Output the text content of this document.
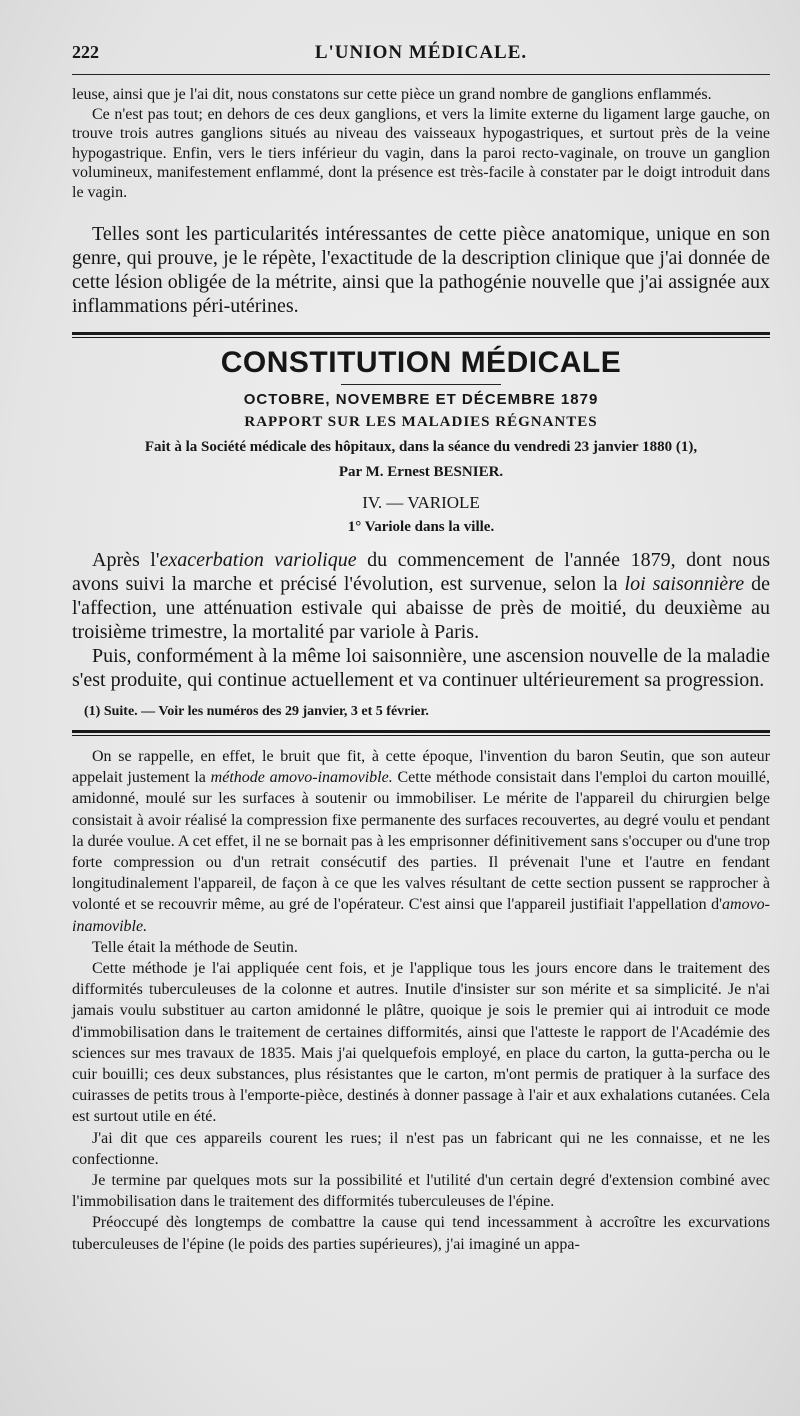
222	L'UNION MÉDICALE.

leuse, ainsi que je l'ai dit, nous constatons sur cette pièce un grand nombre de ganglions enflammés.

Ce n'est pas tout; en dehors de ces deux ganglions, et vers la limite externe du ligament large gauche, on trouve trois autres ganglions situés au niveau des vaisseaux hypogastriques, et surtout près de la veine hypogastrique. Enfin, vers le tiers inférieur du vagin, dans la paroi recto-vaginale, on trouve un ganglion volumineux, manifestement enflammé, dont la présence est très-facile à constater par le doigt introduit dans le vagin.

Telles sont les particularités intéressantes de cette pièce anatomique, unique en son genre, qui prouve, je le répète, l'exactitude de la description clinique que j'ai donnée de cette lésion obligée de la métrite, ainsi que la pathogénie nouvelle que j'ai assignée aux inflammations péri-utérines.

CONSTITUTION MÉDICALE
OCTOBRE, NOVEMBRE ET DÉCEMBRE 1879
RAPPORT SUR LES MALADIES RÉGNANTES
Fait à la Société médicale des hôpitaux, dans la séance du vendredi 23 janvier 1880 (1),
Par M. Ernest BESNIER.
IV. — VARIOLE
1° Variole dans la ville.

Après l'exacerbation variolique du commencement de l'année 1879, dont nous avons suivi la marche et précisé l'évolution, est survenue, selon la loi saisonnière de l'affection, une atténuation estivale qui abaisse de près de moitié, du deuxième au troisième trimestre, la mortalité par variole à Paris.

Puis, conformément à la même loi saisonnière, une ascension nouvelle de la maladie s'est produite, qui continue actuellement et va continuer ultérieurement sa progression.

(1) Suite. — Voir les numéros des 29 janvier, 3 et 5 février.

On se rappelle, en effet, le bruit que fit, à cette époque, l'invention du baron Seutin, que son auteur appelait justement la méthode amovo-inamovible. Cette méthode consistait dans l'emploi du carton mouillé, amidonné, moulé sur les surfaces à soutenir ou immobiliser. Le mérite de l'appareil du chirurgien belge consistait à avoir réalisé la compression fixe permanente des surfaces recouvertes, au degré voulu et pendant la durée voulue. A cet effet, il ne se bornait pas à les emprisonner définitivement sans s'occuper ou d'une trop forte compression ou d'un retrait consécutif des parties. Il prévenait l'une et l'autre en fendant longitudinalement l'appareil, de façon à ce que les valves résultant de cette section pussent se rapprocher à volonté et se recouvrir même, au gré de l'opérateur. C'est ainsi que l'appareil justifiait l'appellation d'amovo-inamovible.

Telle était la méthode de Seutin.

Cette méthode je l'ai appliquée cent fois, et je l'applique tous les jours encore dans le traitement des difformités tuberculeuses de la colonne et autres. Inutile d'insister sur son mérite et sa simplicité. Je n'ai jamais voulu substituer au carton amidonné le plâtre, quoique je sois le premier qui ai introduit ce mode d'immobilisation dans le traitement de certaines difformités, ainsi que l'atteste le rapport de l'Académie des sciences sur mes travaux de 1835. Mais j'ai quelquefois employé, en place du carton, la gutta-percha ou le cuir bouilli; ces deux substances, plus résistantes que le carton, m'ont permis de pratiquer à la surface des cuirasses de petits trous à l'emporte-pièce, destinés à donner passage à l'air et aux exhalations cutanées. Cela est surtout utile en été.

J'ai dit que ces appareils courent les rues; il n'est pas un fabricant qui ne les connaisse, et ne les confectionne.

Je termine par quelques mots sur la possibilité et l'utilité d'un certain degré d'extension combiné avec l'immobilisation dans le traitement des difformités tuberculeuses de l'épine.

Préoccupé dès longtemps de combattre la cause qui tend incessamment à accroître les excurvations tuberculeuses de l'épine (le poids des parties supérieures), j'ai imaginé un appa-
